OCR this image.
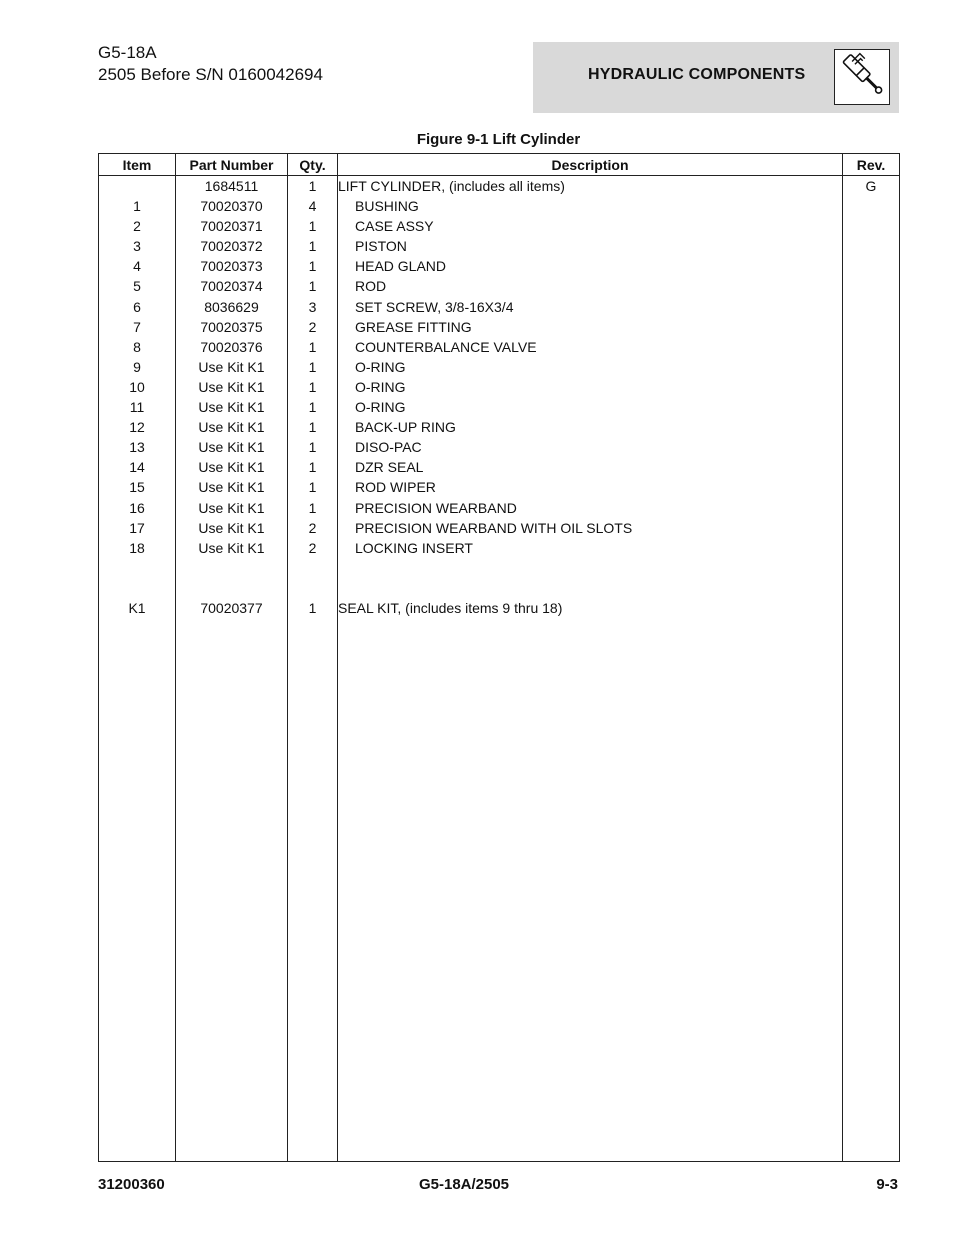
G5-18A
2505 Before S/N 0160042694	HYDRAULIC COMPONENTS
Figure 9-1 Lift Cylinder
Item	Part Number	Qty.	Description	Rev.
	1684511	1	LIFT CYLINDER, (includes all items)	G
1	70020370	4	BUSHING	
2	70020371	1	CASE ASSY	
3	70020372	1	PISTON	
4	70020373	1	HEAD GLAND	
5	70020374	1	ROD	
6	8036629	3	SET SCREW, 3/8-16X3/4	
7	70020375	2	GREASE FITTING	
8	70020376	1	COUNTERBALANCE VALVE	
9	Use Kit K1	1	O-RING	
10	Use Kit K1	1	O-RING	
11	Use Kit K1	1	O-RING	
12	Use Kit K1	1	BACK-UP RING	
13	Use Kit K1	1	DISO-PAC	
14	Use Kit K1	1	DZR SEAL	
15	Use Kit K1	1	ROD WIPER	
16	Use Kit K1	1	PRECISION WEARBAND	
17	Use Kit K1	2	PRECISION WEARBAND WITH OIL SLOTS	
18	Use Kit K1	2	LOCKING INSERT	

K1	70020377	1	SEAL KIT, (includes items 9 thru 18)	

31200360	G5-18A/2505	9-3
